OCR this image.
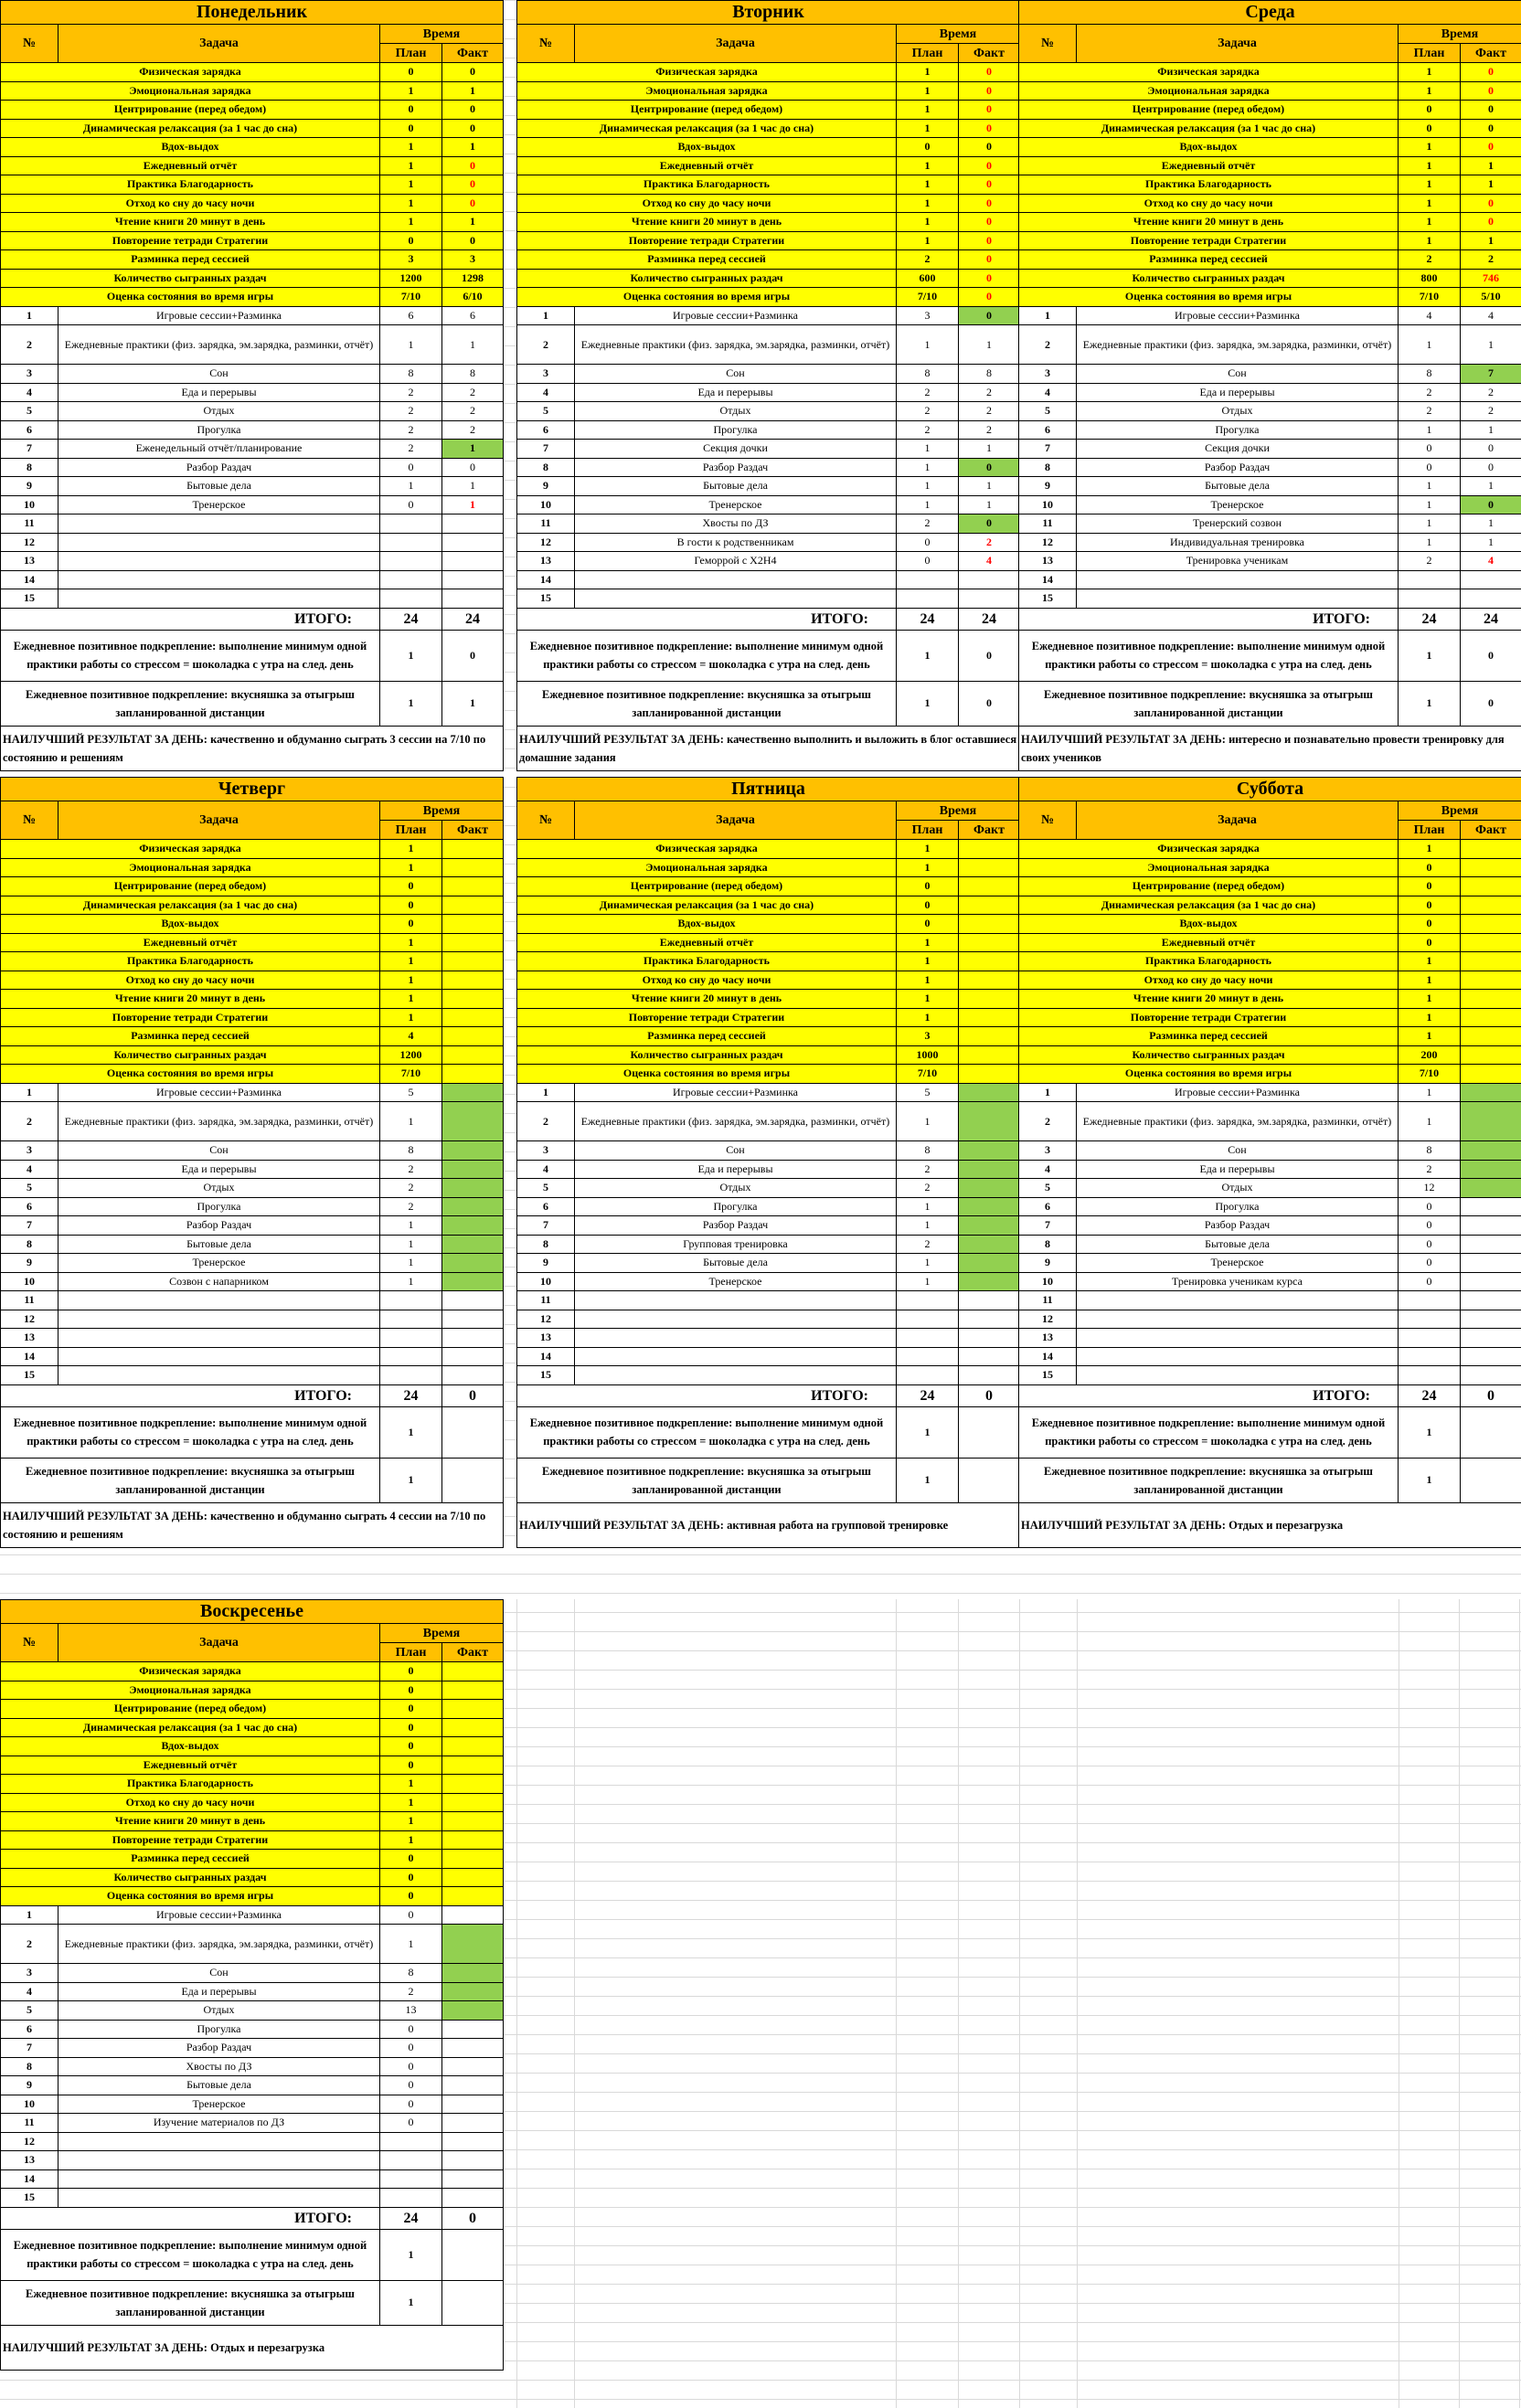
Понедельник			
№	Задача	Время	
		План	Факт
Физическая зарядка		0	0
Эмоциональная зарядка		1	1
Центрирование (перед обедом)		0	0
Динамическая релаксация (за 1 час до сна)		0	0
Вдох-выдох		1	1
Ежедневный отчёт		1	0
Практика Благодарность		1	0
Отход ко сну до часу ночи		1	0
Чтение книги 20 минут в день		1	1
Повторение тетради Стратегии		0	0
Разминка перед сессией		3	3
Количество сыгранных раздач		1200	1298
Оценка состояния во время игры		7/10	6/10
1	Игровые сессии+Разминка	6	6
2	Ежедневные практики (физ. зарядка, эм.зарядка, разминки, отчёт)	1	1
3	Сон	8	8
4	Еда и перерывы	2	2
5	Отдых	2	2
6	Прогулка	2	2
7	Еженедельный отчёт/планирование	2	1
8	Разбор Раздач	0	0
9	Бытовые дела	1	1
10	Тренерское	0	1
11			
12			
13			
14			
15			
ИТОГО:		24	24
Ежедневное позитивное подкрепление: выполнение минимум одной практики работы со стрессом = шоколадка с утра на след. день		1	0
Ежедневное позитивное подкрепление: вкусняшка за отыгрыш запланированной дистанции		1	1
НАИЛУЧШИЙ РЕЗУЛЬТАТ ЗА ДЕНЬ: качественно и обдуманно сыграть 3 сессии на 7/10 по состоянию и решениям			
Вторник			
№	Задача	Время	
		План	Факт
Физическая зарядка		1	0
Эмоциональная зарядка		1	0
Центрирование (перед обедом)		1	0
Динамическая релаксация (за 1 час до сна)		1	0
Вдох-выдох		0	0
Ежедневный отчёт		1	0
Практика Благодарность		1	0
Отход ко сну до часу ночи		1	0
Чтение книги 20 минут в день		1	0
Повторение тетради Стратегии		1	0
Разминка перед сессией		2	0
Количество сыгранных раздач		600	0
Оценка состояния во время игры		7/10	0
1	Игровые сессии+Разминка	3	0
2	Ежедневные практики (физ. зарядка, эм.зарядка, разминки, отчёт)	1	1
3	Сон	8	8
4	Еда и перерывы	2	2
5	Отдых	2	2
6	Прогулка	2	2
7	Секция дочки	1	1
8	Разбор Раздач	1	0
9	Бытовые дела	1	1
10	Тренерское	1	1
11	Хвосты по ДЗ	2	0
12	В гости к родственникам	0	2
13	Геморрой с Х2Н4	0	4
14			
15			
ИТОГО:		24	24
Ежедневное позитивное подкрепление: выполнение минимум одной практики работы со стрессом = шоколадка с утра на след. день		1	0
Ежедневное позитивное подкрепление: вкусняшка за отыгрыш запланированной дистанции		1	0
НАИЛУЧШИЙ РЕЗУЛЬТАТ ЗА ДЕНЬ: качественно выполнить и выложить в блог оставшиеся домашние задания			
Среда			
№	Задача	Время	
		План	Факт
Физическая зарядка		1	0
Эмоциональная зарядка		1	0
Центрирование (перед обедом)		0	0
Динамическая релаксация (за 1 час до сна)		0	0
Вдох-выдох		1	0
Ежедневный отчёт		1	1
Практика Благодарность		1	1
Отход ко сну до часу ночи		1	0
Чтение книги 20 минут в день		1	0
Повторение тетради Стратегии		1	1
Разминка перед сессией		2	2
Количество сыгранных раздач		800	746
Оценка состояния во время игры		7/10	5/10
1	Игровые сессии+Разминка	4	4
2	Ежедневные практики (физ. зарядка, эм.зарядка, разминки, отчёт)	1	1
3	Сон	8	7
4	Еда и перерывы	2	2
5	Отдых	2	2
6	Прогулка	1	1
7	Секция дочки	0	0
8	Разбор Раздач	0	0
9	Бытовые дела	1	1
10	Тренерское	1	0
11	Тренерский созвон	1	1
12	Индивидуальная тренировка	1	1
13	Тренировка ученикам	2	4
14			
15			
ИТОГО:		24	24
Ежедневное позитивное подкрепление: выполнение минимум одной практики работы со стрессом = шоколадка с утра на след. день		1	0
Ежедневное позитивное подкрепление: вкусняшка за отыгрыш запланированной дистанции		1	0
НАИЛУЧШИЙ РЕЗУЛЬТАТ ЗА ДЕНЬ: интересно и познавательно провести тренировку для своих учеников			
Четверг			
№	Задача	Время	
		План	Факт
Физическая зарядка		1	
Эмоциональная зарядка		1	
Центрирование (перед обедом)		0	
Динамическая релаксация (за 1 час до сна)		0	
Вдох-выдох		0	
Ежедневный отчёт		1	
Практика Благодарность		1	
Отход ко сну до часу ночи		1	
Чтение книги 20 минут в день		1	
Повторение тетради Стратегии		1	
Разминка перед сессией		4	
Количество сыгранных раздач		1200	
Оценка состояния во время игры		7/10	
1	Игровые сессии+Разминка	5	
2	Ежедневные практики (физ. зарядка, эм.зарядка, разминки, отчёт)	1	
3	Сон	8	
4	Еда и перерывы	2	
5	Отдых	2	
6	Прогулка	2	
7	Разбор Раздач	1	
8	Бытовые дела	1	
9	Тренерское	1	
10	Созвон с напарником	1	
11			
12			
13			
14			
15			
ИТОГО:		24	0
Ежедневное позитивное подкрепление: выполнение минимум одной практики работы со стрессом = шоколадка с утра на след. день		1	
Ежедневное позитивное подкрепление: вкусняшка за отыгрыш запланированной дистанции		1	
НАИЛУЧШИЙ РЕЗУЛЬТАТ ЗА ДЕНЬ: качественно и обдуманно сыграть 4 сессии на 7/10 по состоянию и решениям			
Пятница			
№	Задача	Время	
		План	Факт
Физическая зарядка		1	
Эмоциональная зарядка		1	
Центрирование (перед обедом)		0	
Динамическая релаксация (за 1 час до сна)		0	
Вдох-выдох		0	
Ежедневный отчёт		1	
Практика Благодарность		1	
Отход ко сну до часу ночи		1	
Чтение книги 20 минут в день		1	
Повторение тетради Стратегии		1	
Разминка перед сессией		3	
Количество сыгранных раздач		1000	
Оценка состояния во время игры		7/10	
1	Игровые сессии+Разминка	5	
2	Ежедневные практики (физ. зарядка, эм.зарядка, разминки, отчёт)	1	
3	Сон	8	
4	Еда и перерывы	2	
5	Отдых	2	
6	Прогулка	1	
7	Разбор Раздач	1	
8	Групповая тренировка	2	
9	Бытовые дела	1	
10	Тренерское	1	
11			
12			
13			
14			
15			
ИТОГО:		24	0
Ежедневное позитивное подкрепление: выполнение минимум одной практики работы со стрессом = шоколадка с утра на след. день		1	
Ежедневное позитивное подкрепление: вкусняшка за отыгрыш запланированной дистанции		1	
НАИЛУЧШИЙ РЕЗУЛЬТАТ ЗА ДЕНЬ: активная работа на групповой тренировке			
Суббота			
№	Задача	Время	
		План	Факт
Физическая зарядка		1	
Эмоциональная зарядка		0	
Центрирование (перед обедом)		0	
Динамическая релаксация (за 1 час до сна)		0	
Вдох-выдох		0	
Ежедневный отчёт		0	
Практика Благодарность		1	
Отход ко сну до часу ночи		1	
Чтение книги 20 минут в день		1	
Повторение тетради Стратегии		1	
Разминка перед сессией		1	
Количество сыгранных раздач		200	
Оценка состояния во время игры		7/10	
1	Игровые сессии+Разминка	1	
2	Ежедневные практики (физ. зарядка, эм.зарядка, разминки, отчёт)	1	
3	Сон	8	
4	Еда и перерывы	2	
5	Отдых	12	
6	Прогулка	0	
7	Разбор Раздач	0	
8	Бытовые дела	0	
9	Тренерское	0	
10	Тренировка ученикам курса	0	
11			
12			
13			
14			
15			
ИТОГО:		24	0
Ежедневное позитивное подкрепление: выполнение минимум одной практики работы со стрессом = шоколадка с утра на след. день		1	
Ежедневное позитивное подкрепление: вкусняшка за отыгрыш запланированной дистанции		1	
НАИЛУЧШИЙ РЕЗУЛЬТАТ ЗА ДЕНЬ: Отдых и перезагрузка			
Воскресенье			
№	Задача	Время	
		План	Факт
Физическая зарядка		0	
Эмоциональная зарядка		0	
Центрирование (перед обедом)		0	
Динамическая релаксация (за 1 час до сна)		0	
Вдох-выдох		0	
Ежедневный отчёт		0	
Практика Благодарность		1	
Отход ко сну до часу ночи		1	
Чтение книги 20 минут в день		1	
Повторение тетради Стратегии		1	
Разминка перед сессией		0	
Количество сыгранных раздач		0	
Оценка состояния во время игры		0	
1	Игровые сессии+Разминка	0	
2	Ежедневные практики (физ. зарядка, эм.зарядка, разминки, отчёт)	1	
3	Сон	8	
4	Еда и перерывы	2	
5	Отдых	13	
6	Прогулка	0	
7	Разбор Раздач	0	
8	Хвосты по ДЗ	0	
9	Бытовые дела	0	
10	Тренерское	0	
11	Изучение материалов по ДЗ	0	
12			
13			
14			
15			
ИТОГО:		24	0
Ежедневное позитивное подкрепление: выполнение минимум одной практики работы со стрессом = шоколадка с утра на след. день		1	
Ежедневное позитивное подкрепление: вкусняшка за отыгрыш запланированной дистанции		1	
НАИЛУЧШИЙ РЕЗУЛЬТАТ ЗА ДЕНЬ: Отдых и перезагрузка			
